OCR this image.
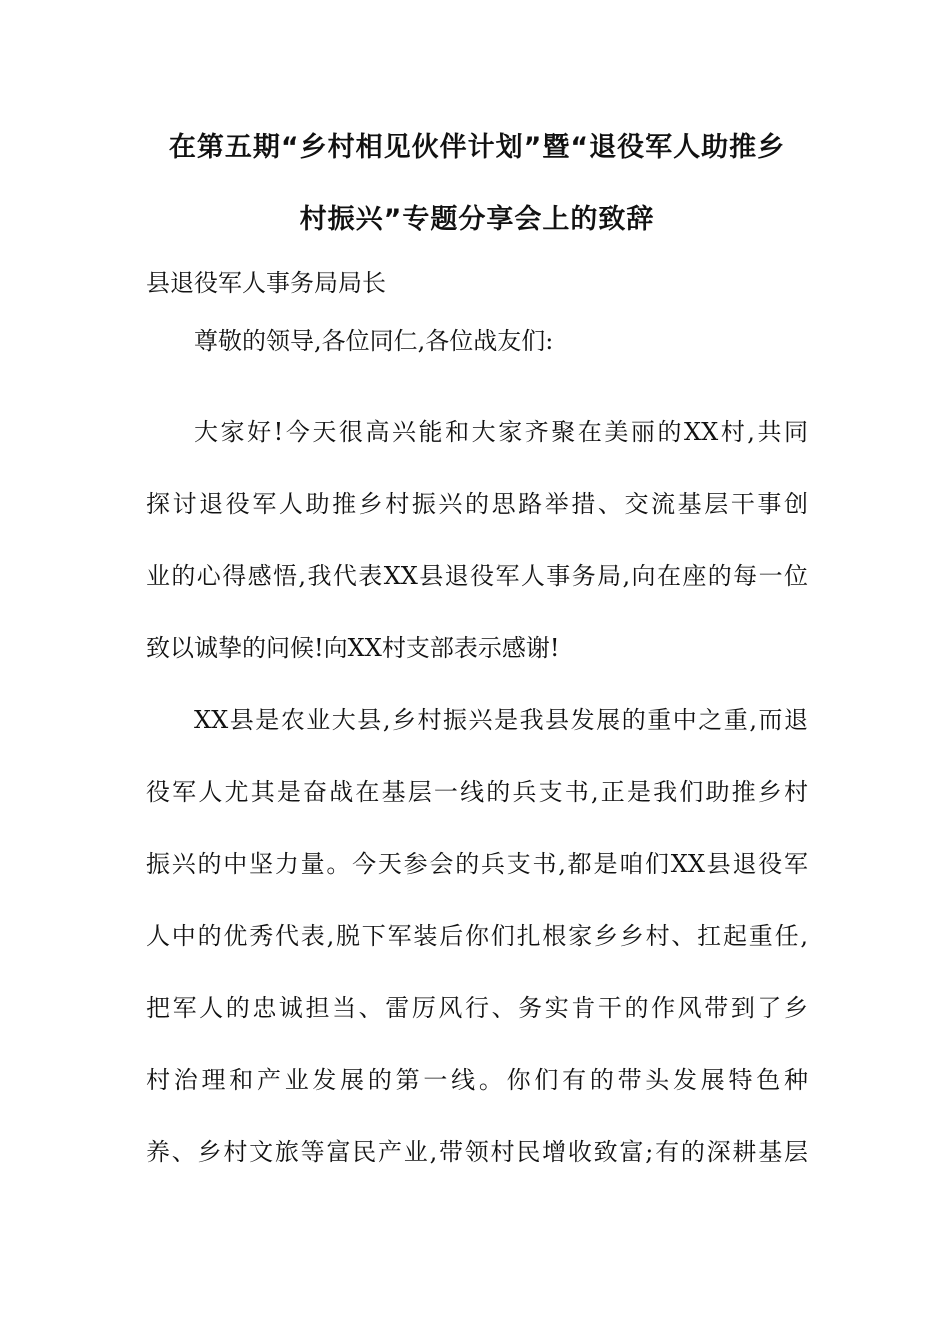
在第五期“乡村相见伙伴计划”暨“退役军人助推乡
村振兴”专题分享会上的致辞

县退役军人事务局局长

尊敬的领导,各位同仁,各位战友们:

大家好!今天很高兴能和大家齐聚在美丽的XX村,共同
探讨退役军人助推乡村振兴的思路举措、交流基层干事创
业的心得感悟,我代表XX县退役军人事务局,向在座的每一位
致以诚挚的问候!向XX村支部表示感谢!
XX县是农业大县,乡村振兴是我县发展的重中之重,而退
役军人尤其是奋战在基层一线的兵支书,正是我们助推乡村
振兴的中坚力量。今天参会的兵支书,都是咱们XX县退役军
人中的优秀代表,脱下军装后你们扎根家乡乡村、扛起重任,
把军人的忠诚担当、雷厉风行、务实肯干的作风带到了乡
村治理和产业发展的第一线。你们有的带头发展特色种
养、乡村文旅等富民产业,带领村民增收致富;有的深耕基层
